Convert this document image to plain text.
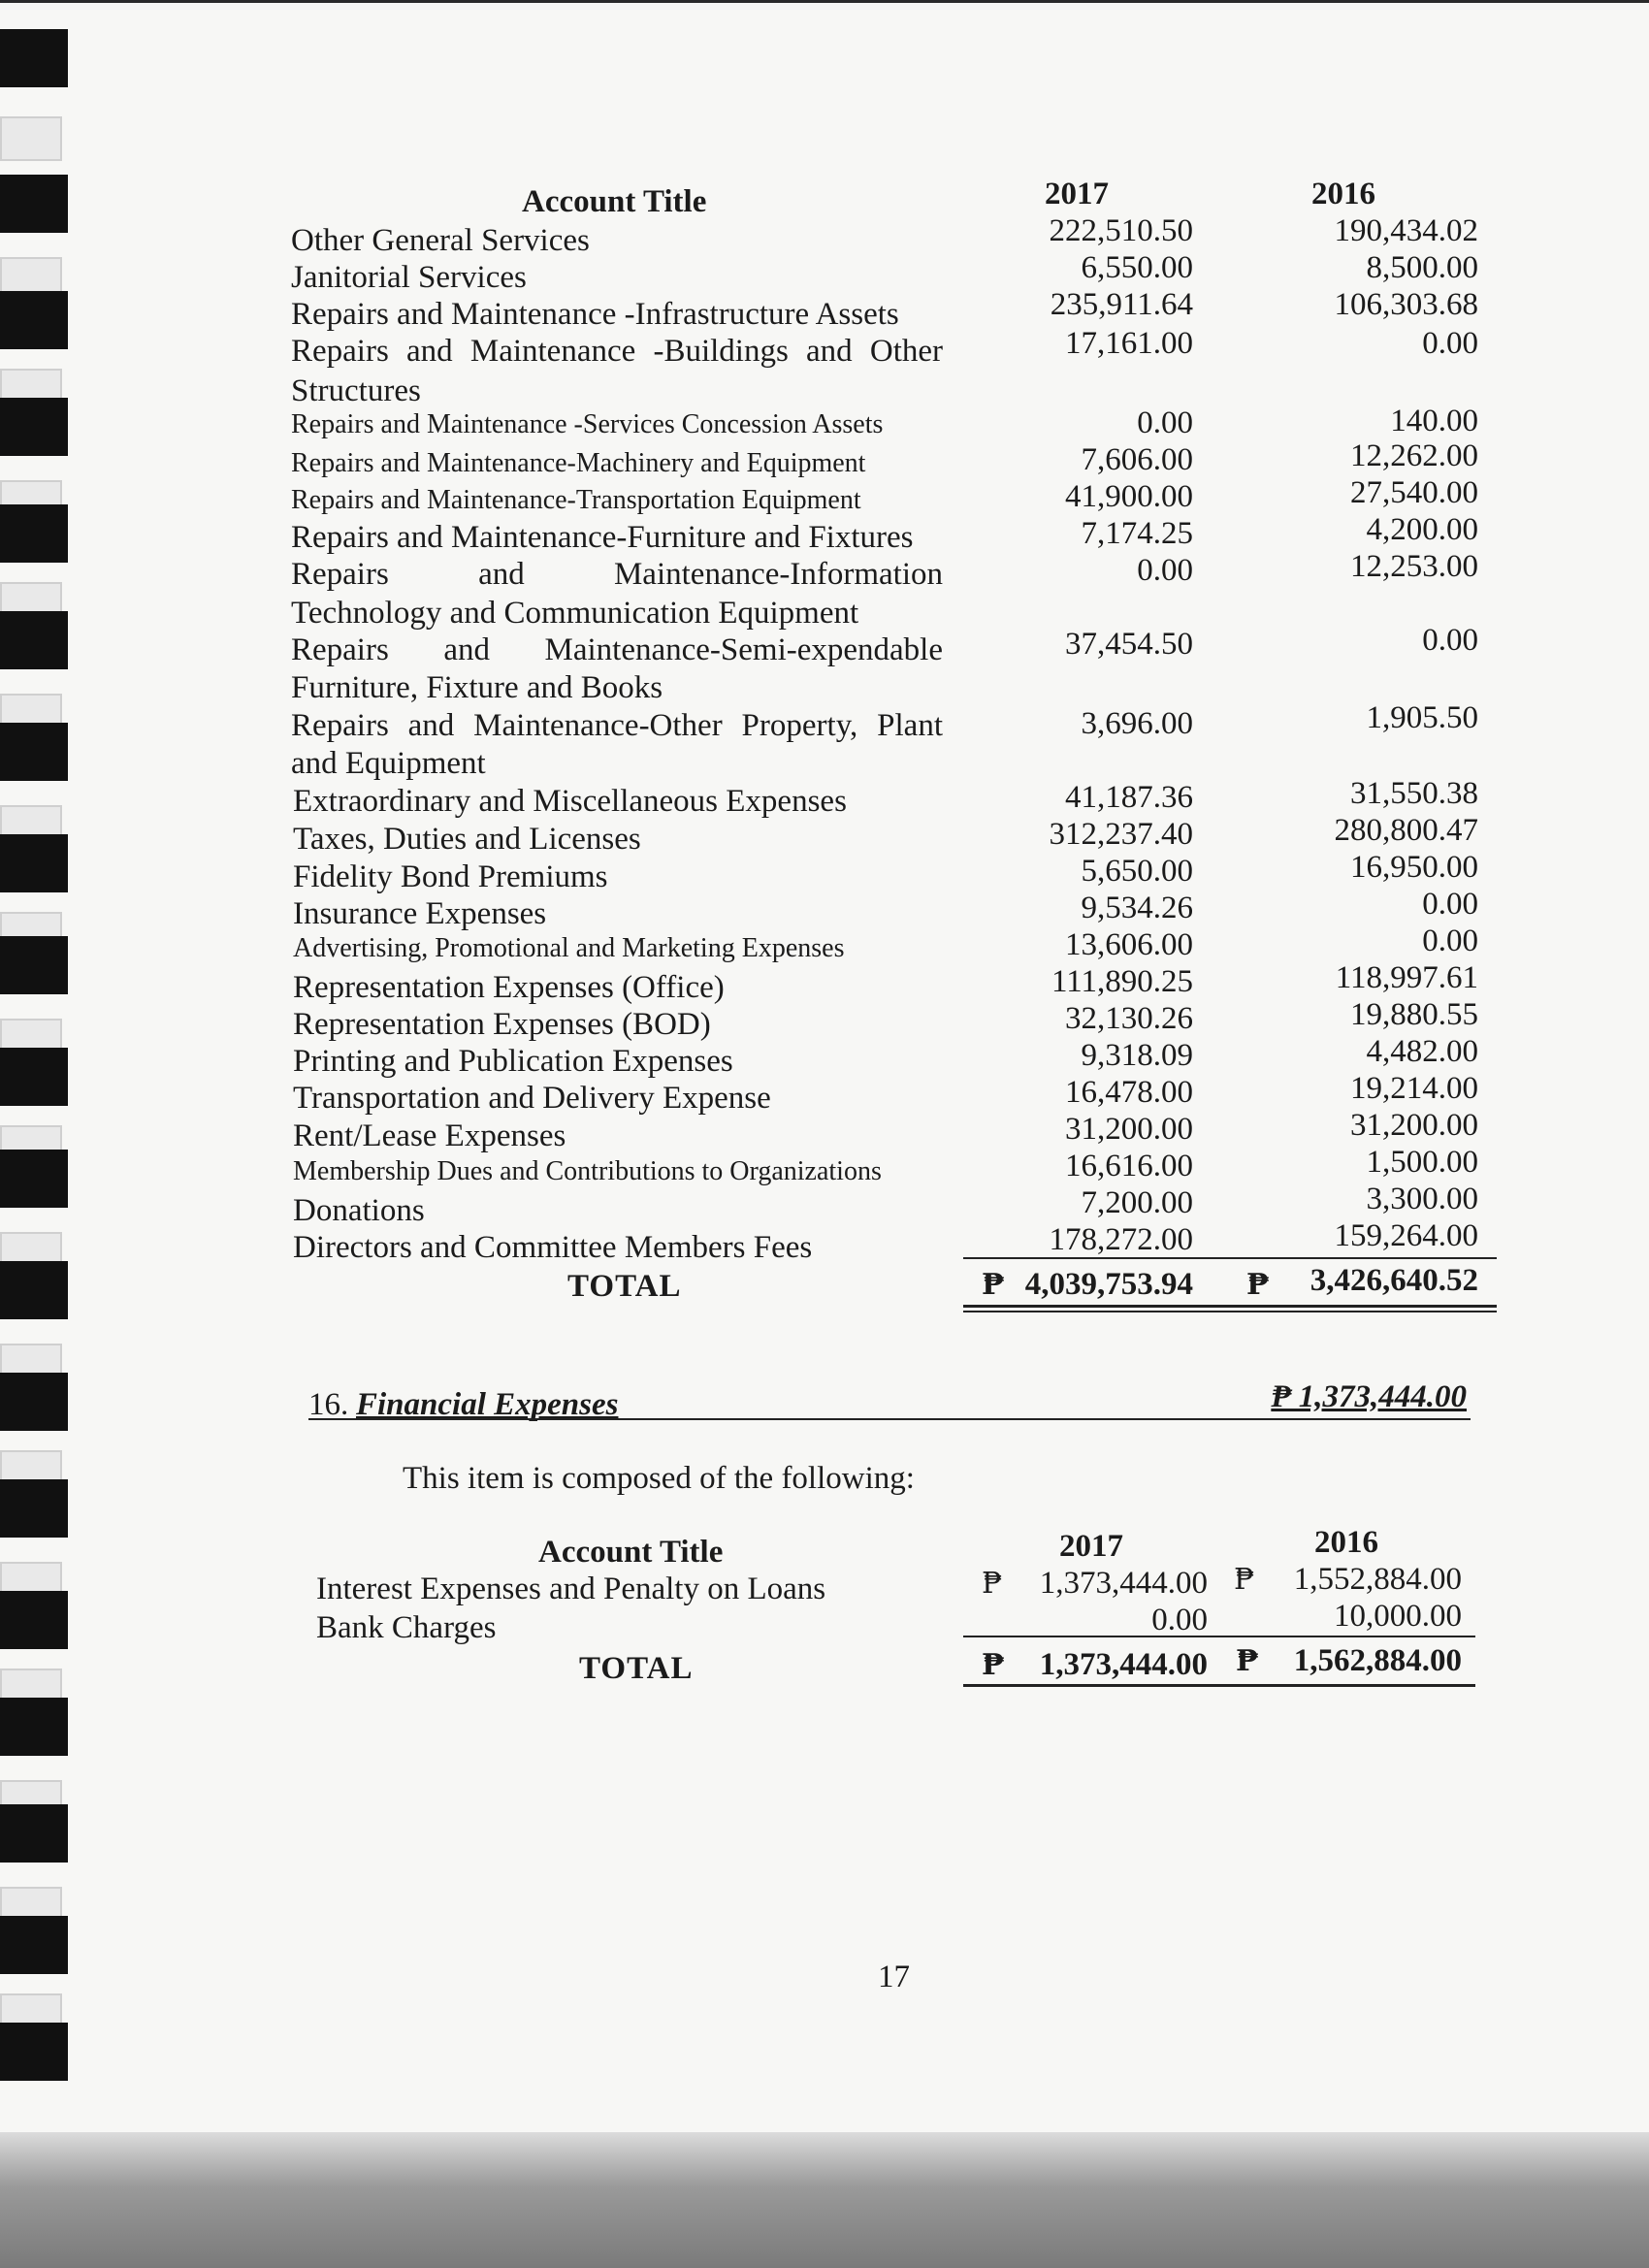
Account Title	2017	2016
Other General Services	222,510.50	190,434.02
Janitorial Services	6,550.00	8,500.00
Repairs and Maintenance -Infrastructure Assets	235,911.64	106,303.68
Repairs and Maintenance -Buildings and Other
Structures
17,161.00	0.00
Repairs and Maintenance -Services Concession Assets	0.00	140.00
Repairs and Maintenance-Machinery and Equipment	7,606.00	12,262.00
Repairs and Maintenance-Transportation Equipment	41,900.00	27,540.00
Repairs and Maintenance-Furniture and Fixtures	7,174.25	4,200.00
Repairs and Maintenance-Information
Technology and Communication Equipment
0.00	12,253.00
Repairs and Maintenance-Semi-expendable
Furniture, Fixture and Books
37,454.50	0.00
Repairs and Maintenance-Other Property, Plant
and Equipment
3,696.00	1,905.50
Extraordinary and Miscellaneous Expenses	41,187.36	31,550.38
Taxes, Duties and Licenses	312,237.40	280,800.47
Fidelity Bond Premiums	5,650.00	16,950.00
Insurance Expenses	9,534.26	0.00
Advertising, Promotional and Marketing Expenses	13,606.00	0.00
Representation Expenses (Office)	111,890.25	118,997.61
Representation Expenses (BOD)	32,130.26	19,880.55
Printing and Publication Expenses	9,318.09	4,482.00
Transportation and Delivery Expense	16,478.00	19,214.00
Rent/Lease Expenses	31,200.00	31,200.00
Membership Dues and Contributions to Organizations	16,616.00	1,500.00
Donations	7,200.00	3,300.00
Directors and Committee Members Fees	178,272.00	159,264.00
TOTAL	₱ 4,039,753.94 ₱ 3,426,640.52
16. Financial Expenses	₱ 1,373,444.00
This item is composed of the following:
Account Title	2017	2016
Interest Expenses and Penalty on Loans	₱ 1,373,444.00 ₱ 1,552,884.00
Bank Charges	0.00	10,000.00
TOTAL	₱ 1,373,444.00 ₱ 1,562,884.00
17
